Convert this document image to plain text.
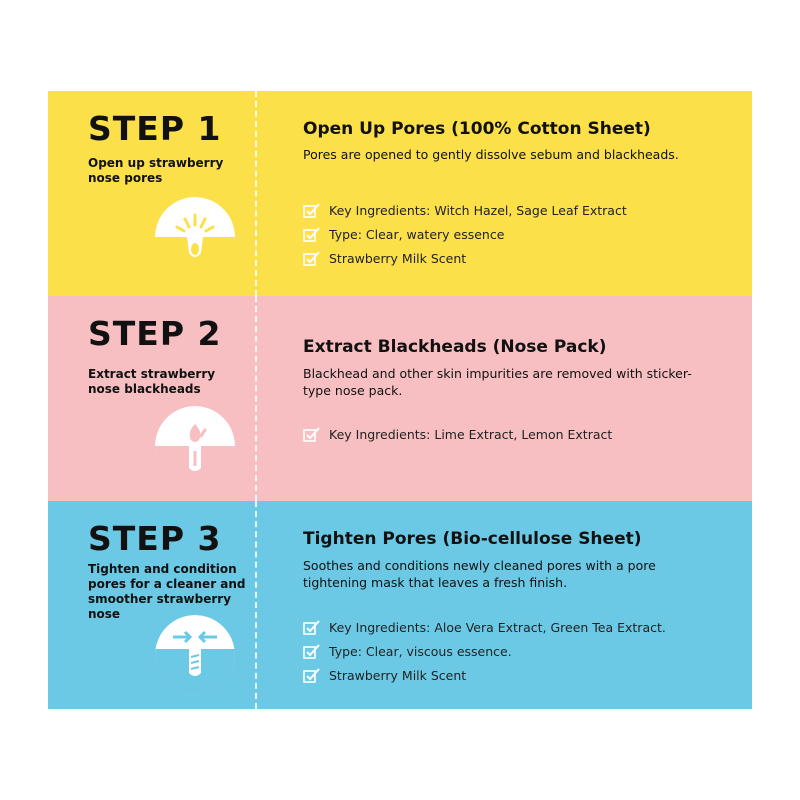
STEP 1
Open up strawberry nose pores
Open Up Pores (100% Cotton Sheet)
Pores are opened to gently dissolve sebum and blackheads.
Key Ingredients: Witch Hazel, Sage Leaf Extract
Type: Clear, watery essence
Strawberry Milk Scent
STEP 2
Extract strawberry nose blackheads
Extract Blackheads (Nose Pack)
Blackhead and other skin impurities are removed with sticker-type nose pack.
Key Ingredients: Lime Extract, Lemon Extract
STEP 3
Tighten and condition pores for a cleaner and smoother strawberry nose
Tighten Pores (Bio-cellulose Sheet)
Soothes and conditions newly cleaned pores with a pore tightening mask that leaves a fresh finish.
Key Ingredients: Aloe Vera Extract, Green Tea Extract.
Type: Clear, viscous essence.
Strawberry Milk Scent
